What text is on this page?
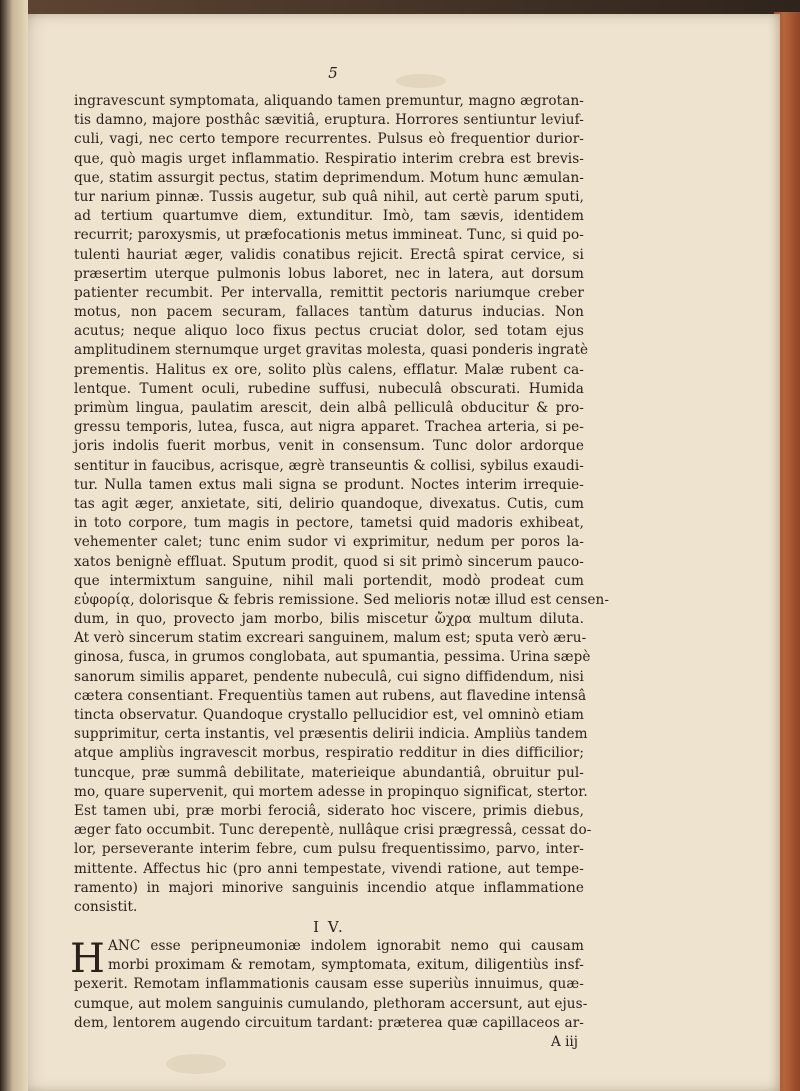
5
ingravescunt symptomata, aliquando tamen premuntur, magno ægrotan-
tis damno, majore posthâc sævitiâ, eruptura. Horrores sentiuntur leviuf-
culi, vagi, nec certo tempore recurrentes. Pulsus eò frequentior durior-
que, quò magis urget inflammatio. Respiratio interim crebra est brevis-
que, statim assurgit pectus, statim deprimendum. Motum hunc æmulan-
tur narium pinnæ. Tussis augetur, sub quâ nihil, aut certè parum sputi,
ad tertium quartumve diem, extunditur. Imò, tam sævis, identidem
recurrit; paroxysmis, ut præfocationis metus immineat. Tunc, si quid po-
tulenti hauriat æger, validis conatibus rejicit. Erectâ spirat cervice, si
præsertim uterque pulmonis lobus laboret, nec in latera, aut dorsum
patienter recumbit. Per intervalla, remittit pectoris nariumque creber
motus, non pacem securam, fallaces tantùm daturus inducias. Non
acutus; neque aliquo loco fixus pectus cruciat dolor, sed totam ejus
amplitudinem sternumque urget gravitas molesta, quasi ponderis ingratè
prementis. Halitus ex ore, solito plùs calens, efflatur. Malæ rubent ca-
lentque. Tument oculi, rubedine suffusi, nubeculâ obscurati. Humida
primùm lingua, paulatim arescit, dein albâ pelliculâ obducitur & pro-
gressu temporis, lutea, fusca, aut nigra apparet. Trachea arteria, si pe-
joris indolis fuerit morbus, venit in consensum. Tunc dolor ardorque
sentitur in faucibus, acrisque, ægrè transeuntis & collisi, sybilus exaudi-
tur. Nulla tamen extus mali signa se produnt. Noctes interim irrequie-
tas agit æger, anxietate, siti, delirio quandoque, divexatus. Cutis, cum
in toto corpore, tum magis in pectore, tametsi quid madoris exhibeat,
vehementer calet; tunc enim sudor vi exprimitur, nedum per poros la-
xatos benignè effluat. Sputum prodit, quod si sit primò sincerum pauco-
que intermixtum sanguine, nihil mali portendit, modò prodeat cum
εὐφορίᾳ, dolorisque & febris remissione. Sed melioris notæ illud est censen-
dum, in quo, provecto jam morbo, bilis miscetur ὤχρα multum diluta.
At verò sincerum statim excreari sanguinem, malum est; sputa verò æru-
ginosa, fusca, in grumos conglobata, aut spumantia, pessima. Urina sæpè
sanorum similis apparet, pendente nubeculâ, cui signo diffidendum, nisi
cætera consentiant. Frequentiùs tamen aut rubens, aut flavedine intensâ
tincta observatur. Quandoque crystallo pellucidior est, vel omninò etiam
supprimitur, certa instantis, vel præsentis delirii indicia. Ampliùs tandem
atque ampliùs ingravescit morbus, respiratio redditur in dies difficilior;
tuncque, præ summâ debilitate, materieique abundantiâ, obruitur pul-
mo, quare supervenit, qui mortem adesse in propinquo significat, stertor.
Est tamen ubi, præ morbi ferociâ, siderato hoc viscere, primis diebus,
æger fato occumbit. Tunc derepentè, nullâque crisi prægressâ, cessat do-
lor, perseverante interim febre, cum pulsu frequentissimo, parvo, inter-
mittente. Affectus hic (pro anni tempestate, vivendi ratione, aut tempe-
ramento) in majori minorive sanguinis incendio atque inflammatione
consistit.
I V.
H ANC esse peripneumoniæ indolem ignorabit nemo qui causam
morbi proximam & remotam, symptomata, exitum, diligentiùs insf-
pexerit. Remotam inflammationis causam esse superiùs innuimus, quæ-
cumque, aut molem sanguinis cumulando, plethoram accersunt, aut ejus-
dem, lentorem augendo circuitum tardant: præterea quæ capillaceos ar-
A iij
